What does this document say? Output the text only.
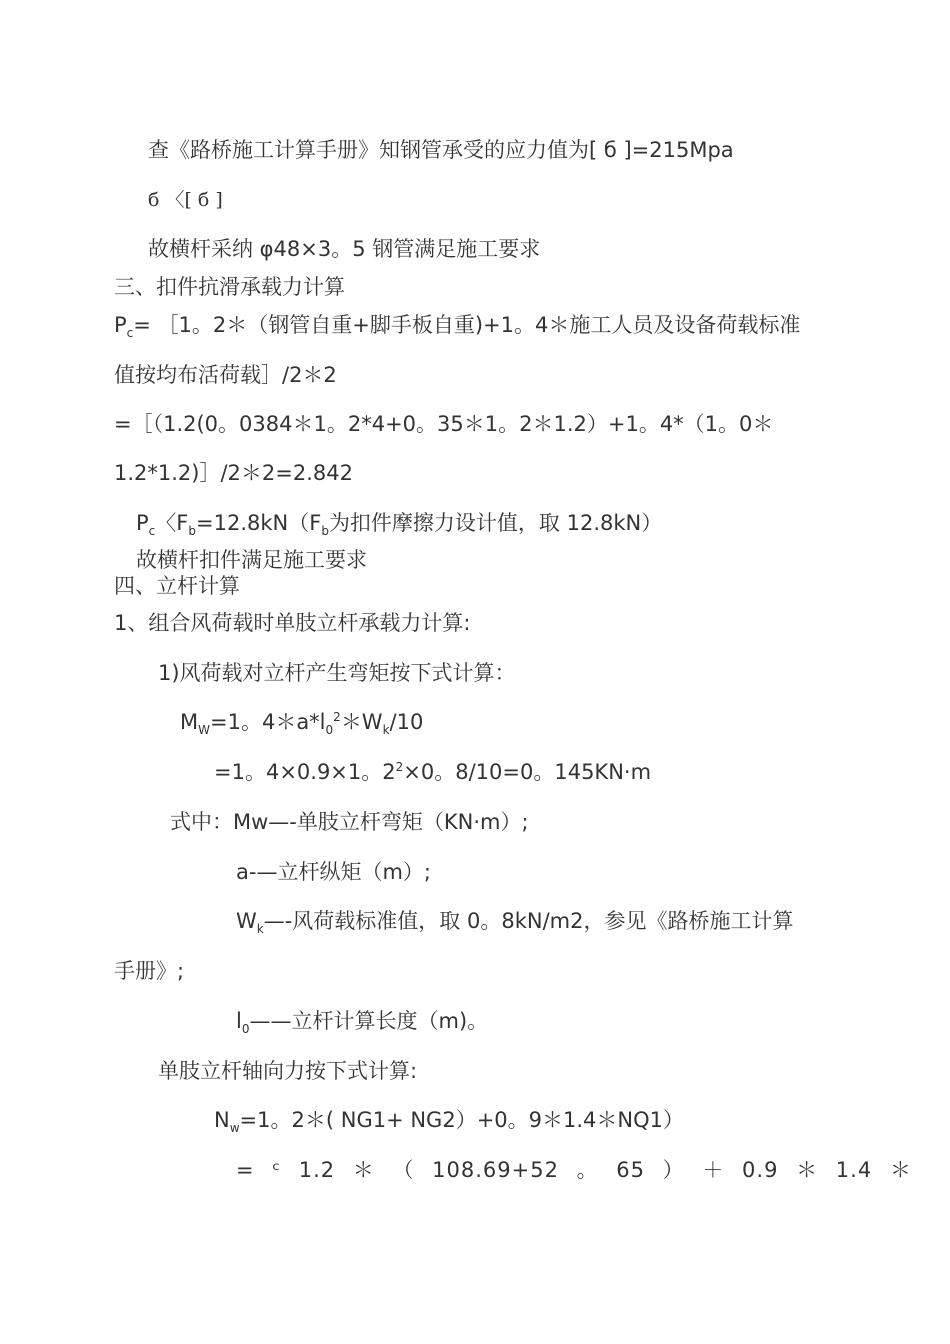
查《路桥施工计算手册》知钢管承受的应力值为[ б ]=215Mpa
б 〈[ б ]
故横杆采纳 φ48×3。5 钢管满足施工要求
三、扣件抗滑承载力计算
$P_c=$ ［1。2＊（钢管自重+脚手板自重)+1。4＊施工人员及设备荷载标准
值按均布活荷载］/2＊2
=［（1.2(0。0384＊1。2*4+0。35＊1。2＊1.2）+1。4*（1。0＊
1.2*1.2)］/2＊2=2.842
$P_c$〈$F_b=12.8kN(F_b$为扣件摩擦力设计值，取 12.8kN）
故横杆扣件满足施工要求
四、立杆计算
1、组合风荷载时单肢立杆承载力计算:
1)风荷载对立杆产生弯矩按下式计算：
$M_W=1$。$4*a*l_0^2*W_k/10$
=1。4×0.9×1。$2^2\times 0$。8/10=0。145KN·m
式中：Mw—-单肢立杆弯矩（KN·m）;
a-—立杆纵矩（m）;
$W_k—-$风荷载标准值，取 0。8kN/m2，参见《路桥施工计算
手册》;
$l_0——$立杆计算长度（m)。
单肢立杆轴向力按下式计算:
$N_w=1$。2＊( NG1+ NG2）+0。9＊1.4＊NQ1）
= ᶜ 1.2 ＊ （ 108.69+52 。 65 ） ＋ 0.9 ＊ 1.4 ＊
